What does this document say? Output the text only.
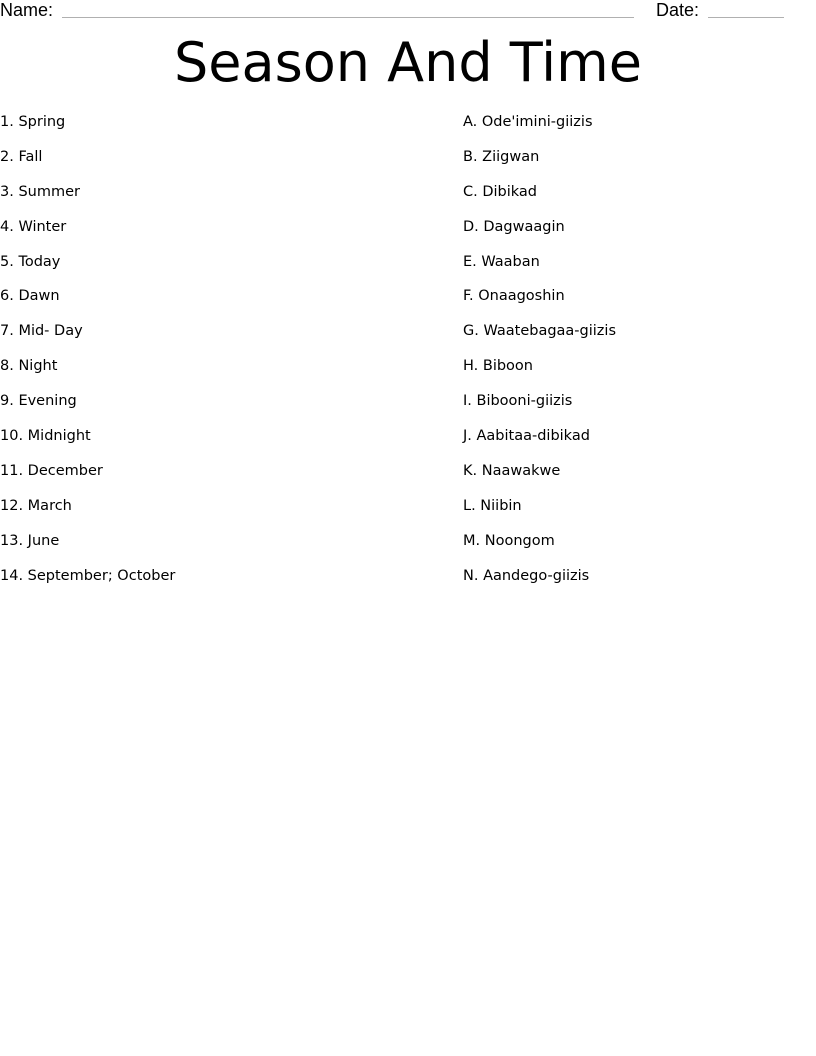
Name:	Date:
Season And Time
1. Spring
2. Fall
3. Summer
4. Winter
5. Today
6. Dawn
7. Mid- Day
8. Night
9. Evening
10. Midnight
11. December
12. March
13. June
14. September; October
A. Ode'imini-giizis
B. Ziigwan
C. Dibikad
D. Dagwaagin
E. Waaban
F. Onaagoshin
G. Waatebagaa-giizis
H. Biboon
I. Bibooni-giizis
J. Aabitaa-dibikad
K. Naawakwe
L. Niibin
M. Noongom
N. Aandego-giizis
